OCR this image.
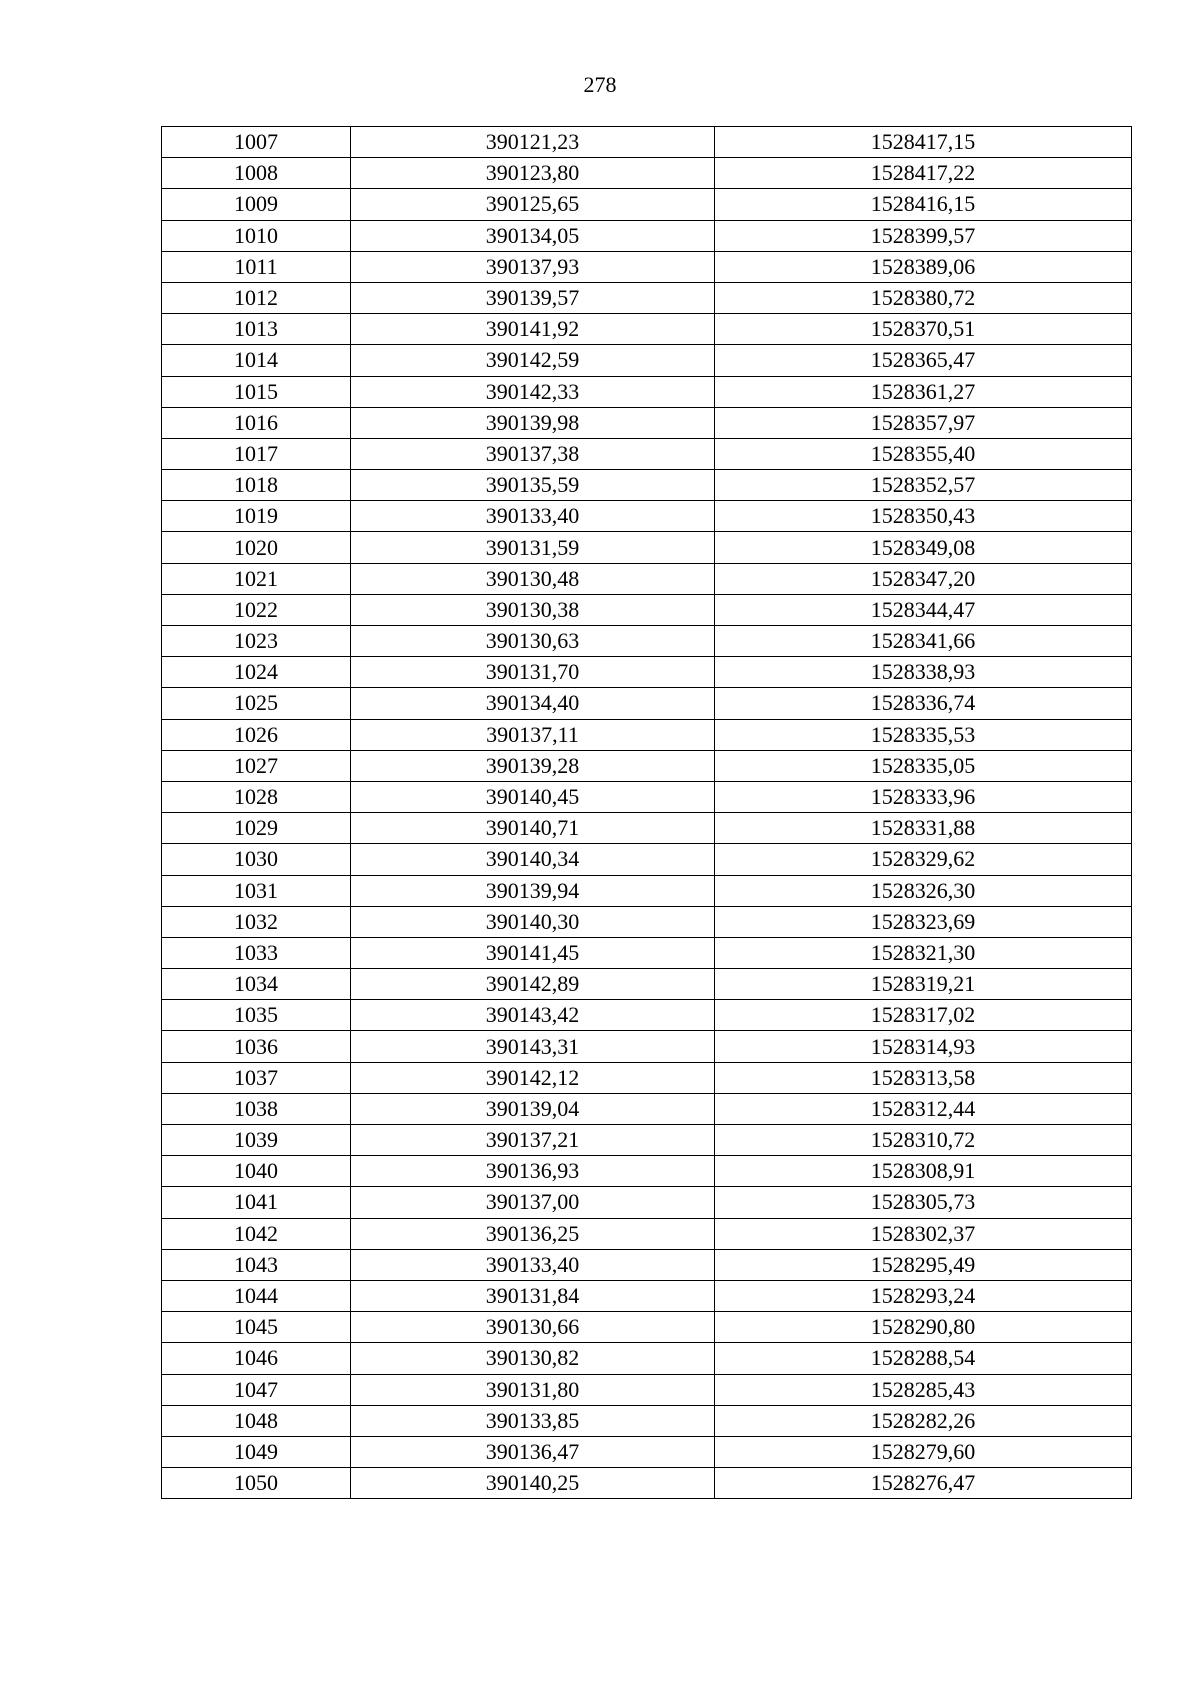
278
1007	390121,23	1528417,15
1008	390123,80	1528417,22
1009	390125,65	1528416,15
1010	390134,05	1528399,57
1011	390137,93	1528389,06
1012	390139,57	1528380,72
1013	390141,92	1528370,51
1014	390142,59	1528365,47
1015	390142,33	1528361,27
1016	390139,98	1528357,97
1017	390137,38	1528355,40
1018	390135,59	1528352,57
1019	390133,40	1528350,43
1020	390131,59	1528349,08
1021	390130,48	1528347,20
1022	390130,38	1528344,47
1023	390130,63	1528341,66
1024	390131,70	1528338,93
1025	390134,40	1528336,74
1026	390137,11	1528335,53
1027	390139,28	1528335,05
1028	390140,45	1528333,96
1029	390140,71	1528331,88
1030	390140,34	1528329,62
1031	390139,94	1528326,30
1032	390140,30	1528323,69
1033	390141,45	1528321,30
1034	390142,89	1528319,21
1035	390143,42	1528317,02
1036	390143,31	1528314,93
1037	390142,12	1528313,58
1038	390139,04	1528312,44
1039	390137,21	1528310,72
1040	390136,93	1528308,91
1041	390137,00	1528305,73
1042	390136,25	1528302,37
1043	390133,40	1528295,49
1044	390131,84	1528293,24
1045	390130,66	1528290,80
1046	390130,82	1528288,54
1047	390131,80	1528285,43
1048	390133,85	1528282,26
1049	390136,47	1528279,60
1050	390140,25	1528276,47
